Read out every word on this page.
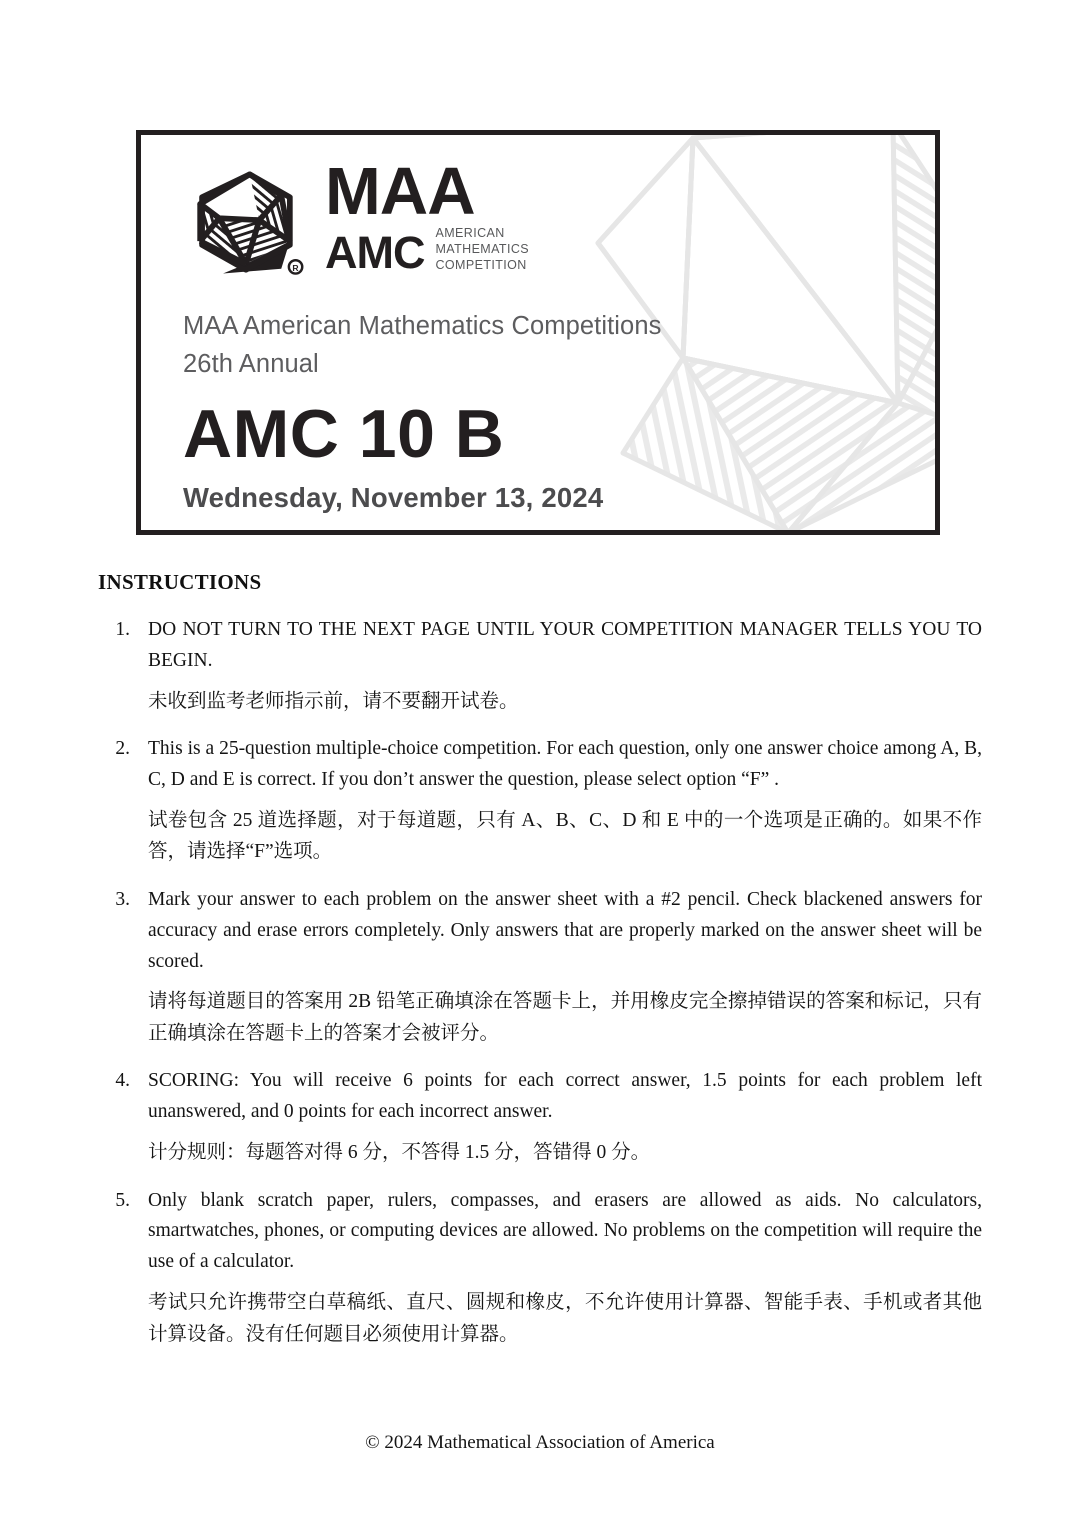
R
MAA
AMC AMERICAN
MATHEMATICS
COMPETITION
MAA American Mathematics Competitions
26th Annual
AMC 10 B
Wednesday, November 13, 2024
INSTRUCTIONS
1. DO NOT TURN TO THE NEXT PAGE UNTIL YOUR COMPETITION MANAGER TELLS YOU TO BEGIN.
未收到监考老师指示前，请不要翻开试卷。
2. This is a 25-question multiple-choice competition. For each question, only one answer choice among A, B, C, D and E is correct. If you don’t answer the question, please select option “F” .
试卷包含 25 道选择题，对于每道题，只有 A、B、C、D 和 E 中的一个选项是正确的。如果不作答，请选择“F”选项。
3. Mark your answer to each problem on the answer sheet with a #2 pencil. Check blackened answers for accuracy and erase errors completely. Only answers that are properly marked on the answer sheet will be scored.
请将每道题目的答案用 2B 铅笔正确填涂在答题卡上，并用橡皮完全擦掉错误的答案和标记，只有正确填涂在答题卡上的答案才会被评分。
4. SCORING: You will receive 6 points for each correct answer, 1.5 points for each problem left unanswered, and 0 points for each incorrect answer.
计分规则：每题答对得 6 分，不答得 1.5 分，答错得 0 分。
5. Only blank scratch paper, rulers, compasses, and erasers are allowed as aids. No calculators, smartwatches, phones, or computing devices are allowed. No problems on the competition will require the use of a calculator.
考试只允许携带空白草稿纸、直尺、圆规和橡皮，不允许使用计算器、智能手表、手机或者其他计算设备。没有任何题目必须使用计算器。
© 2024 Mathematical Association of America
